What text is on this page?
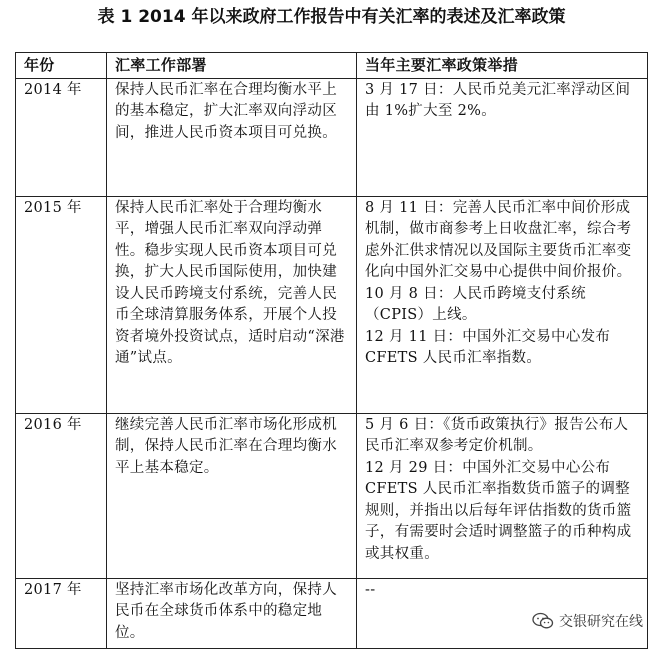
表 1 2014 年以来政府工作报告中有关汇率的表述及汇率政策
年份	汇率工作部署	当年主要汇率政策举措
2014 年	保持人民币汇率在合理均衡水平上的基本稳定，扩大汇率双向浮动区间，推进人民币资本项目可兑换。	3 月 17 日：人民币兑美元汇率浮动区间由 1%扩大至 2%。

2015 年	保持人民币汇率处于合理均衡水平，增强人民币汇率双向浮动弹性。稳步实现人民币资本项目可兑换，扩大人民币国际使用，加快建设人民币跨境支付系统，完善人民币全球清算服务体系，开展个人投资者境外投资试点，适时启动“深港通”试点。	8 月 11 日：完善人民币汇率中间价形成机制，做市商参考上日收盘汇率，综合考虑外汇供求情况以及国际主要货币汇率变化向中国外汇交易中心提供中间价报价。
10 月 8 日：人民币跨境支付系统（CPIS）上线。
12 月 11 日：中国外汇交易中心发布 CFETS 人民币汇率指数。

2016 年	继续完善人民币汇率市场化形成机制，保持人民币汇率在合理均衡水平上基本稳定。	5 月 6 日：《货币政策执行》报告公布人民币汇率双参考定价机制。
12 月 29 日：中国外汇交易中心公布 CFETS 人民币汇率指数货币篮子的调整规则，并指出以后每年评估指数的货币篮子，有需要时会适时调整篮子的币种构成或其权重。

2017 年	坚持汇率市场化改革方向，保持人民币在全球货币体系中的稳定地位。	--
交银研究在线
